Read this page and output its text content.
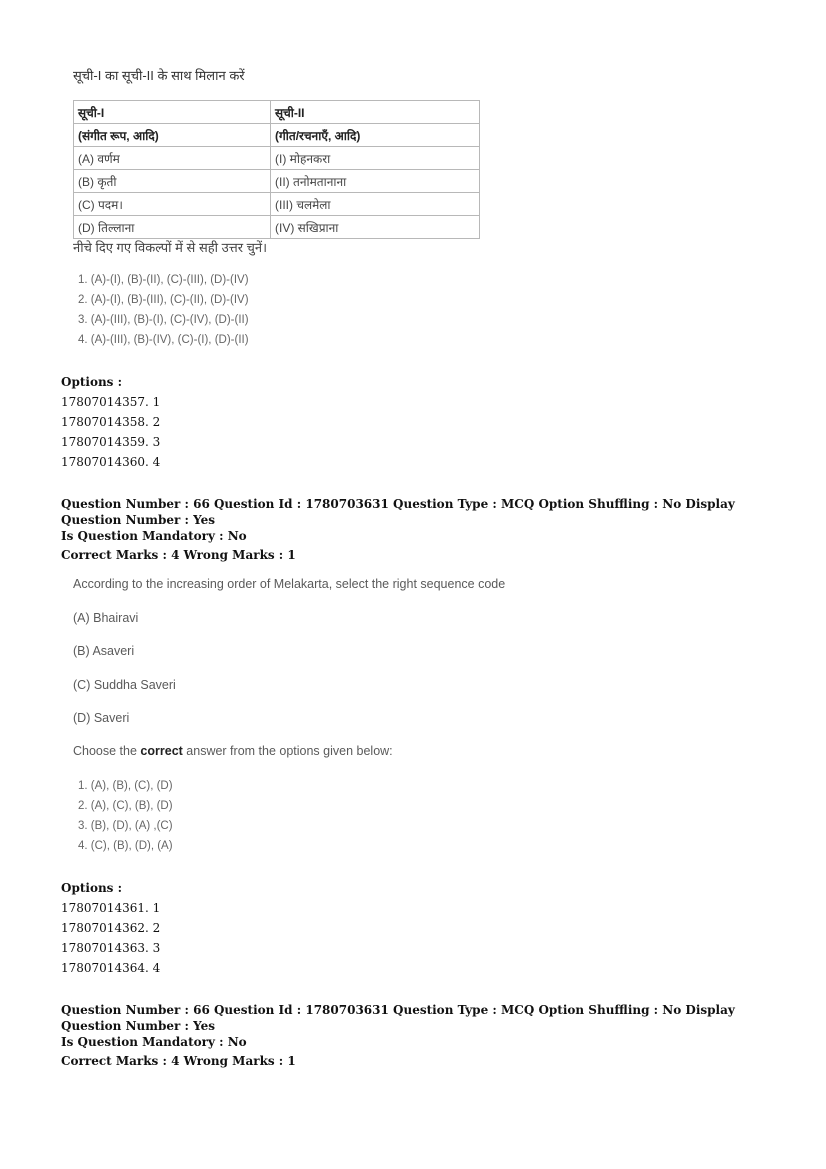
सूची-I का सूची-II के साथ मिलान करें
सूची-I	सूची-II
(संगीत रूप, आदि)	(गीत/रचनाएँ, आदि)
(A) वर्णम	(I) मोहनकरा
(B) कृती	(II) तनोमतानाना
(C) पदम।	(III) चलमेला
(D) तिल्लाना	(IV) सखिप्राना
नीचे दिए गए विकल्पों में से सही उत्तर चुनें।
1. (A)-(I), (B)-(II), (C)-(III), (D)-(IV)
2. (A)-(I), (B)-(III), (C)-(II), (D)-(IV)
3. (A)-(III), (B)-(I), (C)-(IV), (D)-(II)
4. (A)-(III), (B)-(IV), (C)-(I), (D)-(II)
Options :
17807014357. 1
17807014358. 2
17807014359. 3
17807014360. 4
Question Number : 66 Question Id : 1780703631 Question Type : MCQ Option Shuffling : No Display Question Number : Yes
Is Question Mandatory : No
Correct Marks : 4 Wrong Marks : 1
According to the increasing order of Melakarta, select the right sequence code
(A) Bhairavi
(B) Asaveri
(C) Suddha Saveri
(D) Saveri
Choose the correct answer from the options given below:
1. (A), (B), (C), (D)
2. (A), (C), (B), (D)
3. (B), (D), (A) ,(C)
4. (C), (B), (D), (A)
Options :
17807014361. 1
17807014362. 2
17807014363. 3
17807014364. 4
Question Number : 66 Question Id : 1780703631 Question Type : MCQ Option Shuffling : No Display Question Number : Yes
Is Question Mandatory : No
Correct Marks : 4 Wrong Marks : 1
